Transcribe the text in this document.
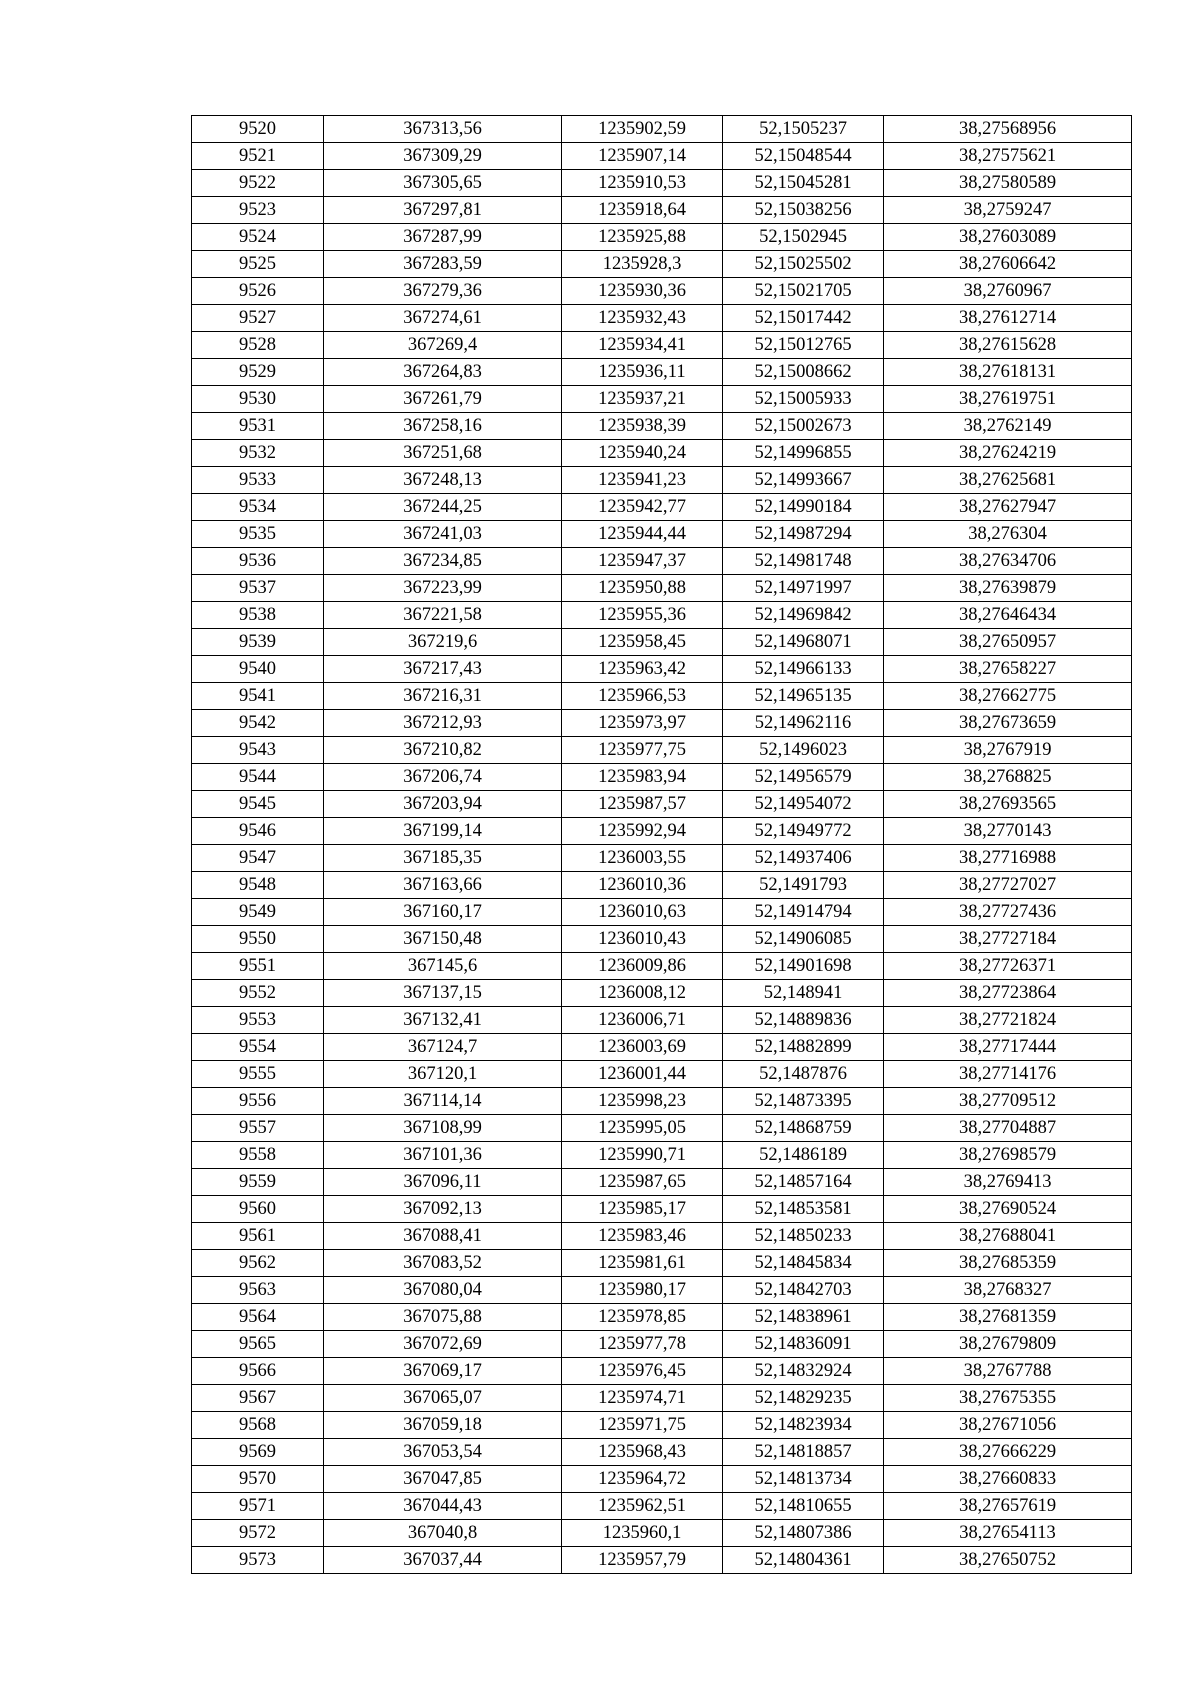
9520	367313,56	1235902,59	52,1505237	38,27568956
9521	367309,29	1235907,14	52,15048544	38,27575621
9522	367305,65	1235910,53	52,15045281	38,27580589
9523	367297,81	1235918,64	52,15038256	38,2759247
9524	367287,99	1235925,88	52,1502945	38,27603089
9525	367283,59	1235928,3	52,15025502	38,27606642
9526	367279,36	1235930,36	52,15021705	38,2760967
9527	367274,61	1235932,43	52,15017442	38,27612714
9528	367269,4	1235934,41	52,15012765	38,27615628
9529	367264,83	1235936,11	52,15008662	38,27618131
9530	367261,79	1235937,21	52,15005933	38,27619751
9531	367258,16	1235938,39	52,15002673	38,2762149
9532	367251,68	1235940,24	52,14996855	38,27624219
9533	367248,13	1235941,23	52,14993667	38,27625681
9534	367244,25	1235942,77	52,14990184	38,27627947
9535	367241,03	1235944,44	52,14987294	38,276304
9536	367234,85	1235947,37	52,14981748	38,27634706
9537	367223,99	1235950,88	52,14971997	38,27639879
9538	367221,58	1235955,36	52,14969842	38,27646434
9539	367219,6	1235958,45	52,14968071	38,27650957
9540	367217,43	1235963,42	52,14966133	38,27658227
9541	367216,31	1235966,53	52,14965135	38,27662775
9542	367212,93	1235973,97	52,14962116	38,27673659
9543	367210,82	1235977,75	52,1496023	38,2767919
9544	367206,74	1235983,94	52,14956579	38,2768825
9545	367203,94	1235987,57	52,14954072	38,27693565
9546	367199,14	1235992,94	52,14949772	38,2770143
9547	367185,35	1236003,55	52,14937406	38,27716988
9548	367163,66	1236010,36	52,1491793	38,27727027
9549	367160,17	1236010,63	52,14914794	38,27727436
9550	367150,48	1236010,43	52,14906085	38,27727184
9551	367145,6	1236009,86	52,14901698	38,27726371
9552	367137,15	1236008,12	52,148941	38,27723864
9553	367132,41	1236006,71	52,14889836	38,27721824
9554	367124,7	1236003,69	52,14882899	38,27717444
9555	367120,1	1236001,44	52,1487876	38,27714176
9556	367114,14	1235998,23	52,14873395	38,27709512
9557	367108,99	1235995,05	52,14868759	38,27704887
9558	367101,36	1235990,71	52,1486189	38,27698579
9559	367096,11	1235987,65	52,14857164	38,2769413
9560	367092,13	1235985,17	52,14853581	38,27690524
9561	367088,41	1235983,46	52,14850233	38,27688041
9562	367083,52	1235981,61	52,14845834	38,27685359
9563	367080,04	1235980,17	52,14842703	38,2768327
9564	367075,88	1235978,85	52,14838961	38,27681359
9565	367072,69	1235977,78	52,14836091	38,27679809
9566	367069,17	1235976,45	52,14832924	38,2767788
9567	367065,07	1235974,71	52,14829235	38,27675355
9568	367059,18	1235971,75	52,14823934	38,27671056
9569	367053,54	1235968,43	52,14818857	38,27666229
9570	367047,85	1235964,72	52,14813734	38,27660833
9571	367044,43	1235962,51	52,14810655	38,27657619
9572	367040,8	1235960,1	52,14807386	38,27654113
9573	367037,44	1235957,79	52,14804361	38,27650752
